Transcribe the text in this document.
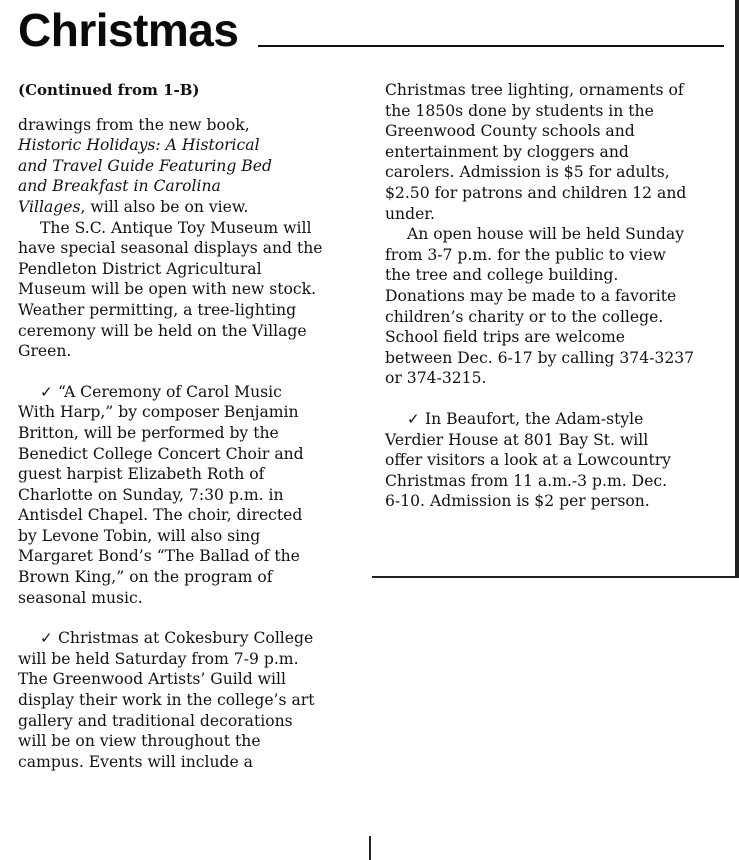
Christmas
(Continued from 1-B)
drawings from the new book,
Historic Holidays: A Historical
and Travel Guide Featuring Bed
and Breakfast in Carolina
Villages, will also be on view.
The S.C. Antique Toy Museum will
have special seasonal displays and the
Pendleton District Agricultural
Museum will be open with new stock.
Weather permitting, a tree-lighting
ceremony will be held on the Village
Green.
✓ “A Ceremony of Carol Music
With Harp,” by composer Benjamin
Britton, will be performed by the
Benedict College Concert Choir and
guest harpist Elizabeth Roth of
Charlotte on Sunday, 7:30 p.m. in
Antisdel Chapel. The choir, directed
by Levone Tobin, will also sing
Margaret Bond’s “The Ballad of the
Brown King,” on the program of
seasonal music.
✓ Christmas at Cokesbury College
will be held Saturday from 7-9 p.m.
The Greenwood Artists’ Guild will
display their work in the college’s art
gallery and traditional decorations
will be on view throughout the
campus. Events will include a
Christmas tree lighting, ornaments of
the 1850s done by students in the
Greenwood County schools and
entertainment by cloggers and
carolers. Admission is $5 for adults,
$2.50 for patrons and children 12 and
under.
An open house will be held Sunday
from 3-7 p.m. for the public to view
the tree and college building.
Donations may be made to a favorite
children’s charity or to the college.
School field trips are welcome
between Dec. 6-17 by calling 374-3237
or 374-3215.
✓ In Beaufort, the Adam-style
Verdier House at 801 Bay St. will
offer visitors a look at a Lowcountry
Christmas from 11 a.m.-3 p.m. Dec.
6-10. Admission is $2 per person.
